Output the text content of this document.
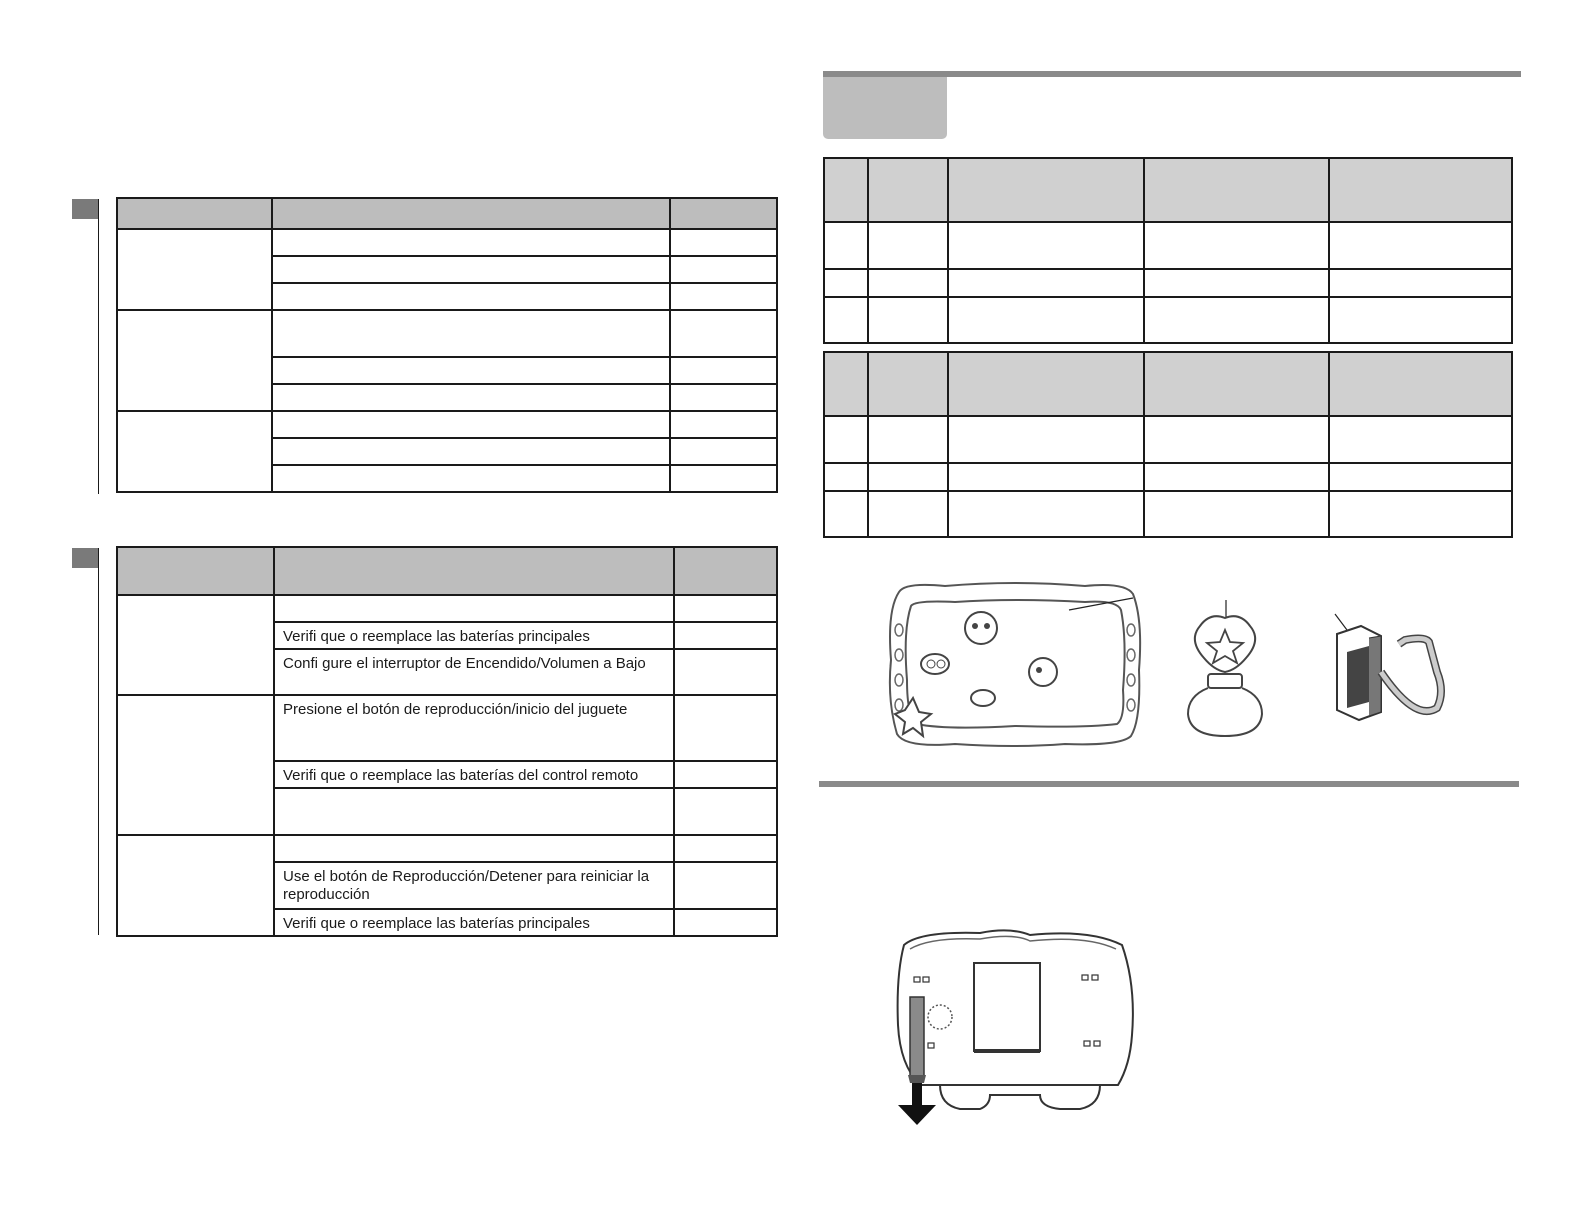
	Verifi que o reemplace las baterías principales	
	Confi gure el interruptor de Encendido/Volumen a Bajo	
	Presione el botón de reproducción/inicio del juguete	
	Verifi que o reemplace las baterías del control remoto	

	Use el botón de Reproducción/Detener para reiniciar la reproducción	
	Verifi que o reemplace las baterías principales	
